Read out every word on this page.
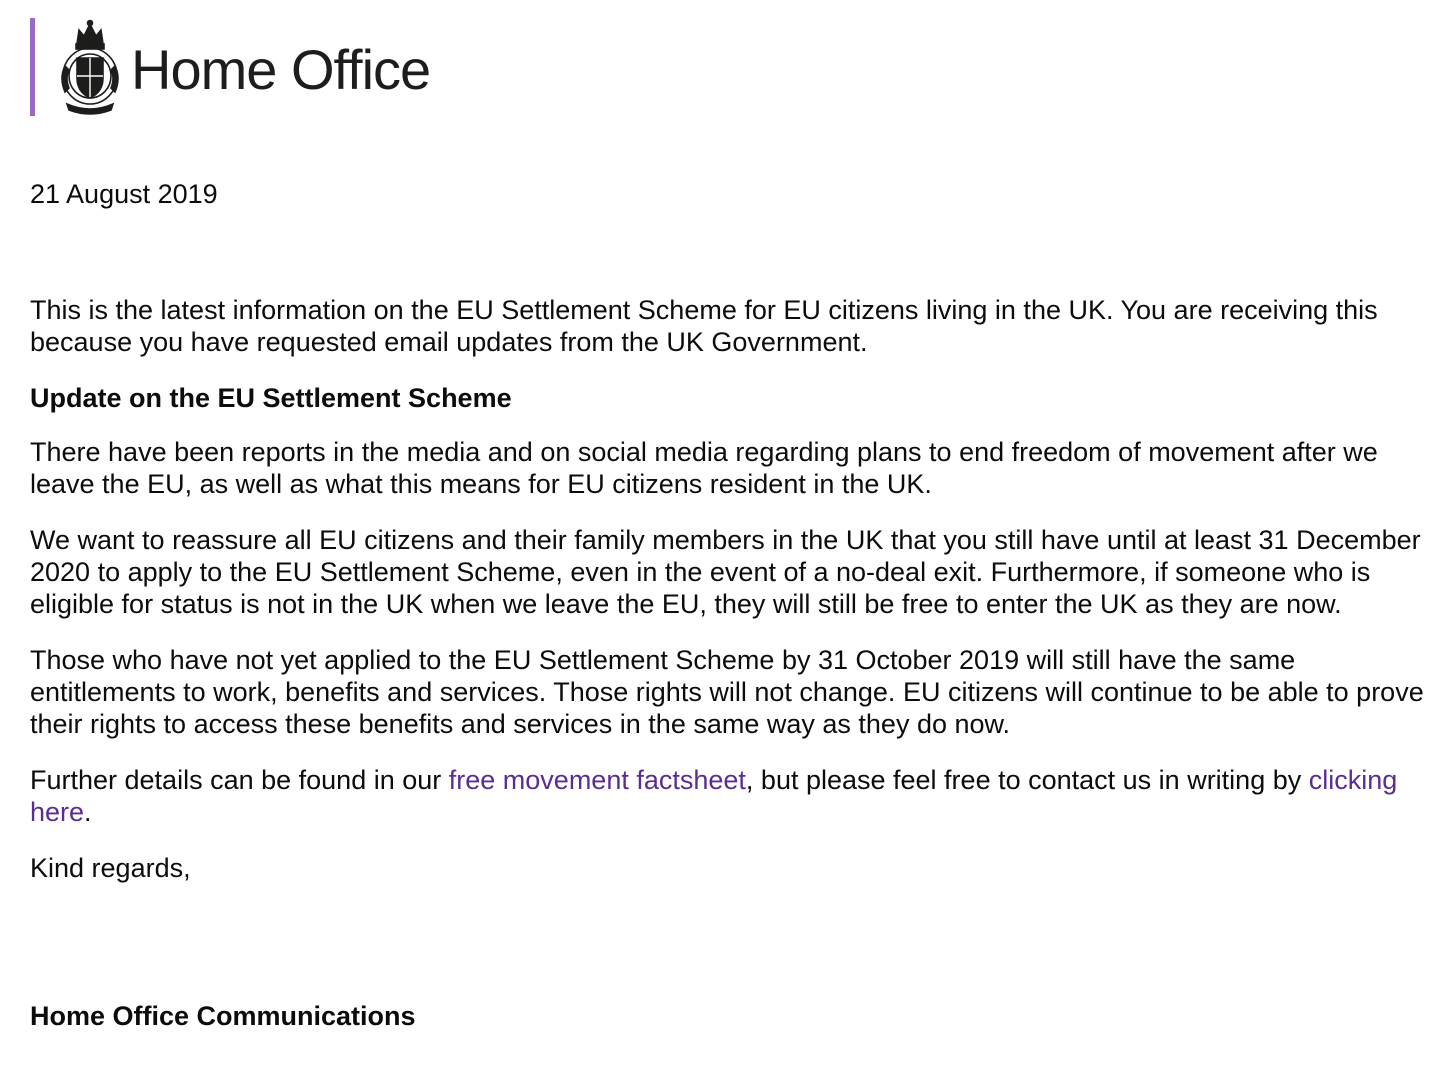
Home Office
21 August 2019

This is the latest information on the EU Settlement Scheme for EU citizens living in the UK. You are receiving this because you have requested email updates from the UK Government.

Update on the EU Settlement Scheme

There have been reports in the media and on social media regarding plans to end freedom of movement after we leave the EU, as well as what this means for EU citizens resident in the UK.

We want to reassure all EU citizens and their family members in the UK that you still have until at least 31 December 2020 to apply to the EU Settlement Scheme, even in the event of a no-deal exit. Furthermore, if someone who is eligible for status is not in the UK when we leave the EU, they will still be free to enter the UK as they are now.

Those who have not yet applied to the EU Settlement Scheme by 31 October 2019 will still have the same entitlements to work, benefits and services. Those rights will not change. EU citizens will continue to be able to prove their rights to access these benefits and services in the same way as they do now.

Further details can be found in our free movement factsheet, but please feel free to contact us in writing by clicking here.

Kind regards,

Home Office Communications
